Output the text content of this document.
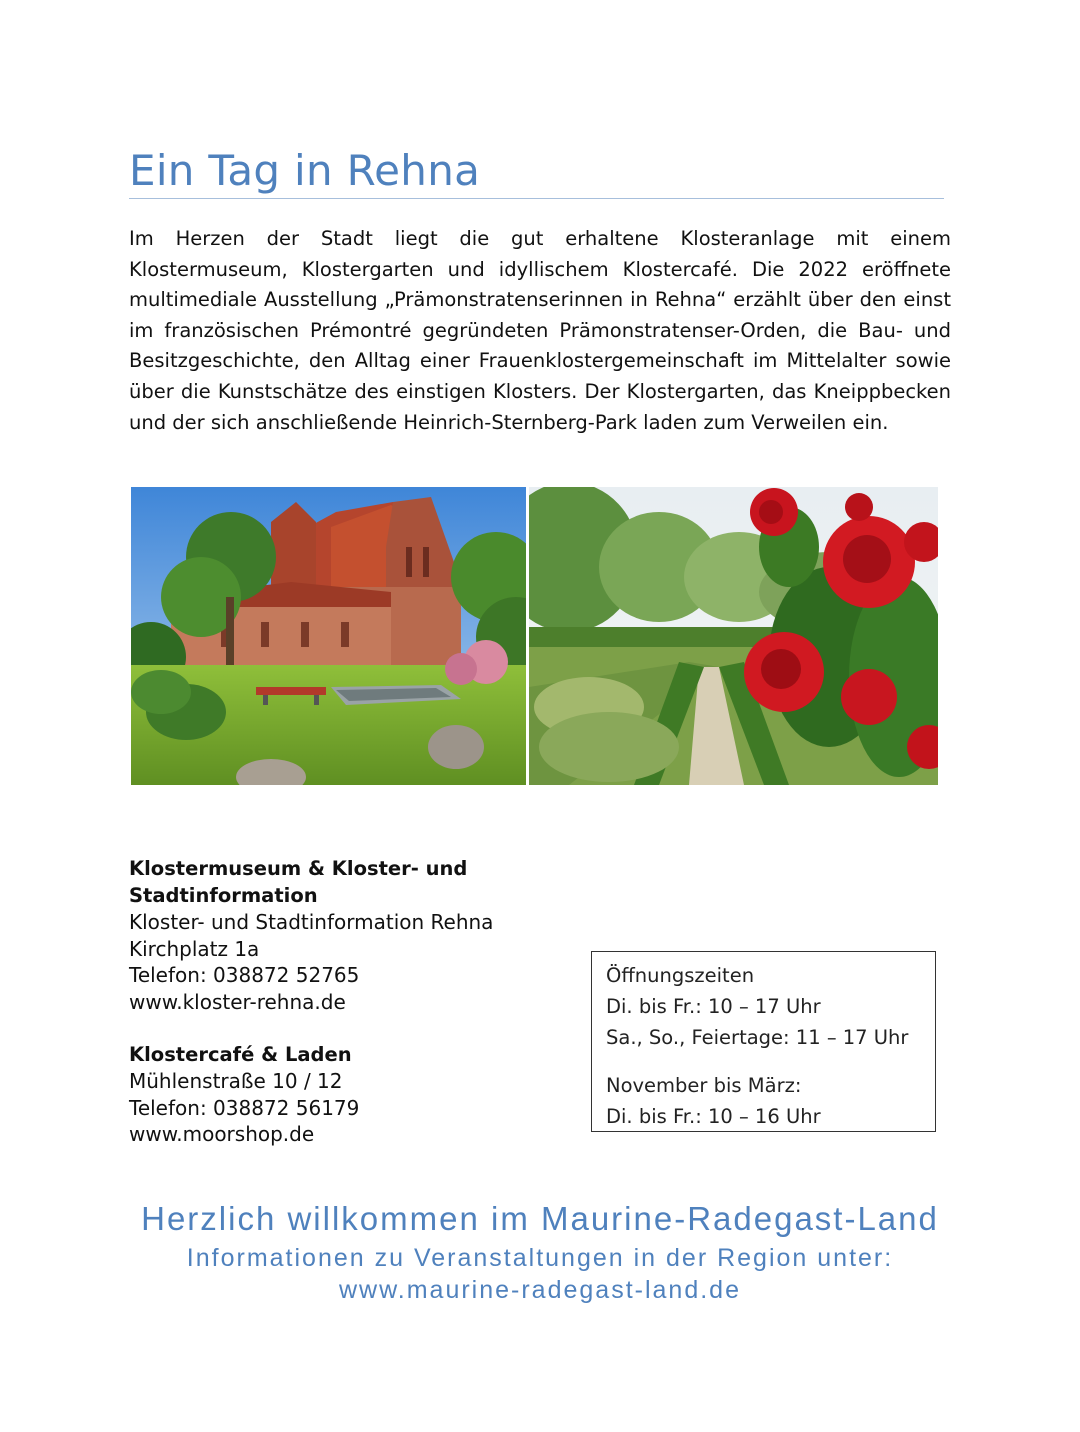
Ein Tag in Rehna

Im Herzen der Stadt liegt die gut erhaltene Klosteranlage mit einem Klostermuseum, Klostergarten und idyllischem Klostercafé. Die 2022 eröffnete multimediale Ausstellung „Prämonstratenserinnen in Rehna“ erzählt über den einst im französischen Prémontré gegründeten Prämonstratenser-Orden, die Bau- und Besitzgeschichte, den Alltag einer Frauenklostergemeinschaft im Mittelalter sowie über die Kunstschätze des einstigen Klosters. Der Klostergarten, das Kneippbecken und der sich anschließende Heinrich-Sternberg-Park laden zum Verweilen ein.

Klostermuseum & Kloster- und Stadtinformation
Kloster- und Stadtinformation Rehna
Kirchplatz 1a
Telefon: 038872 52765
www.kloster-rehna.de
Klostercafé & Laden
Mühlenstraße 10 / 12
Telefon: 038872 56179
www.moorshop.de
Öffnungszeiten
Di. bis Fr.: 10 – 17 Uhr
Sa., So., Feiertage: 11 – 17 Uhr
November bis März:
Di. bis Fr.: 10 – 16 Uhr
Herzlich willkommen im Maurine-Radegast-Land
Informationen zu Veranstaltungen in der Region unter:
www.maurine-radegast-land.de
